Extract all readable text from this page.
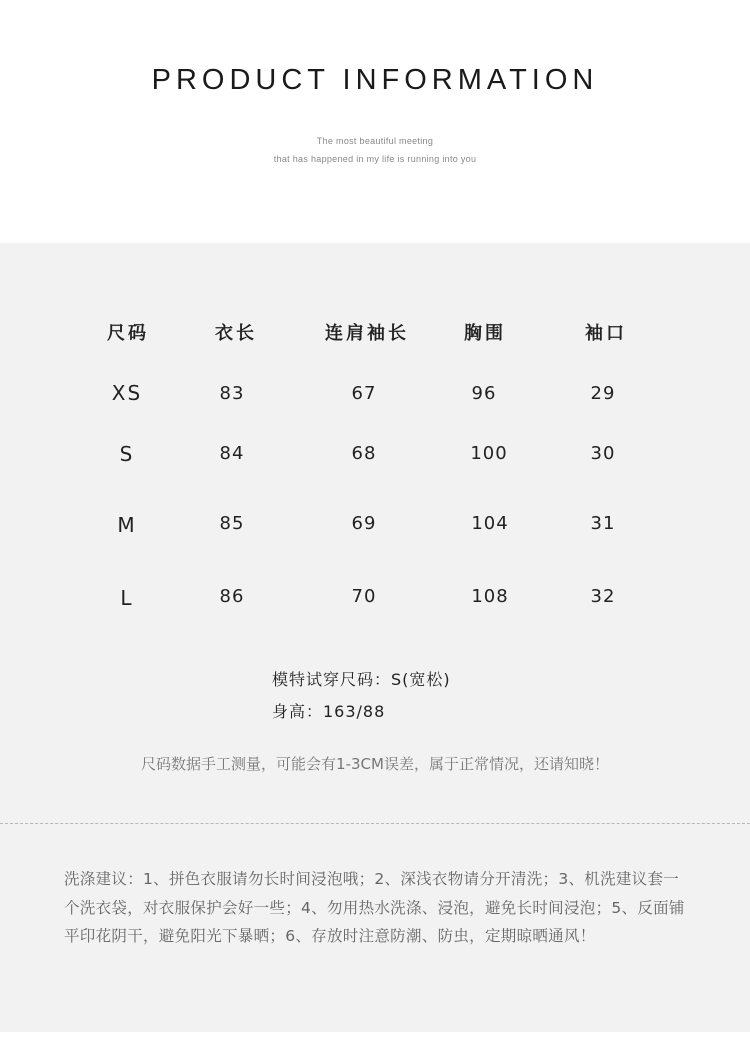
PRODUCT INFORMATION
The most beautiful meeting
that has happened in my life is running into you
尺码	衣长	连肩袖长	胸围	袖口
XS	83	67	96	29
S	84	68	100	30
M	85	69	104	31
L	86	70	108	32
模特试穿尺码：S(宽松)
身高：163/88
尺码数据手工测量，可能会有1-3CM误差，属于正常情况，还请知晓！
洗涤建议：1、拼色衣服请勿长时间浸泡哦；2、深浅衣物请分开清洗；3、机洗建议套一个洗衣袋，对衣服保护会好一些；4、勿用热水洗涤、浸泡，避免长时间浸泡；5、反面铺平印花阴干，避免阳光下暴晒；6、存放时注意防潮、防虫，定期晾晒通风！
